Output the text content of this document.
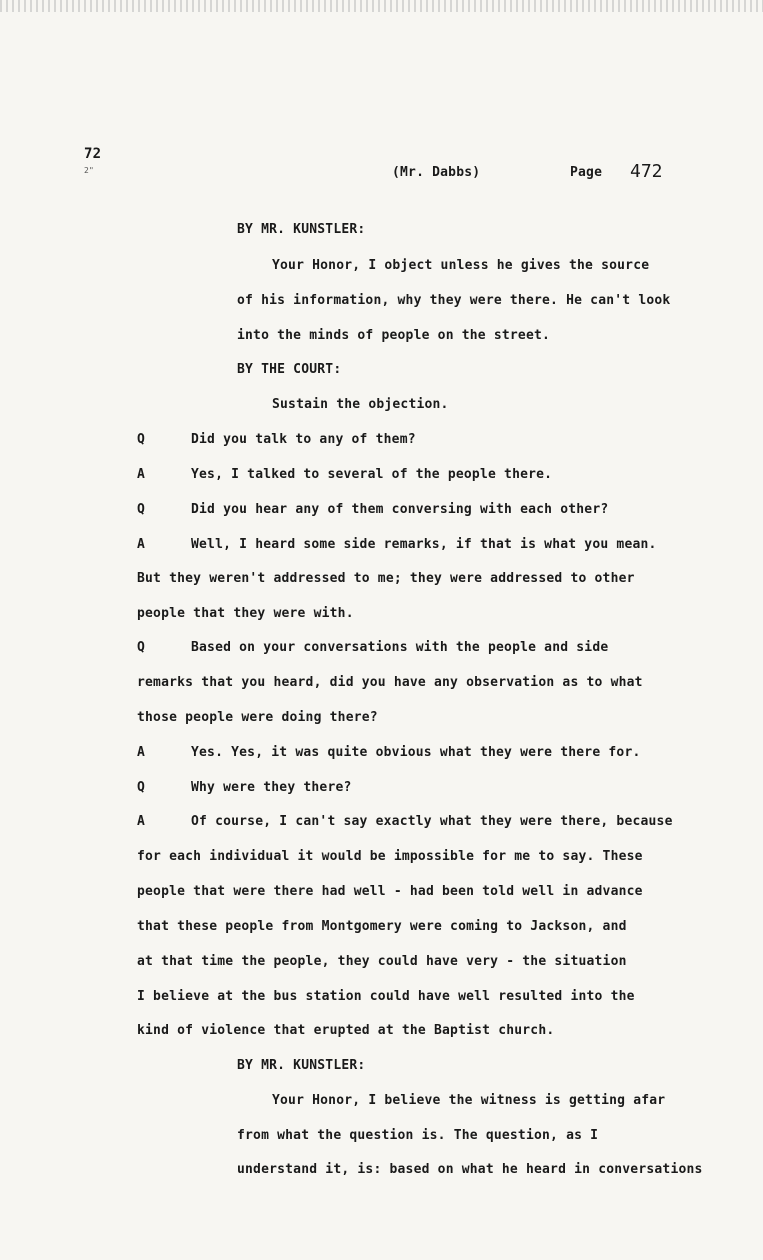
72
2"	(Mr. Dabbs)	Page 472
BY MR. KUNSTLER:
Your Honor, I object unless he gives the source
of his information, why they were there. He can't look
into the minds of people on the street.
BY THE COURT:
Sustain the objection.
Q	Did you talk to any of them?
A	Yes, I talked to several of the people there.
Q	Did you hear any of them conversing with each other?
A	Well, I heard some side remarks, if that is what you mean.
But they weren't addressed to me; they were addressed to other
people that they were with.
Q	Based on your conversations with the people and side
remarks that you heard, did you have any observation as to what
those people were doing there?
A	Yes. Yes, it was quite obvious what they were there for.
Q	Why were they there?
A	Of course, I can't say exactly what they were there, because
for each individual it would be impossible for me to say. These
people that were there had well - had been told well in advance
that these people from Montgomery were coming to Jackson, and
at that time the people, they could have very - the situation
I believe at the bus station could have well resulted into the
kind of violence that erupted at the Baptist church.
BY MR. KUNSTLER:
Your Honor, I believe the witness is getting afar
from what the question is. The question, as I
understand it, is: based on what he heard in conversations
